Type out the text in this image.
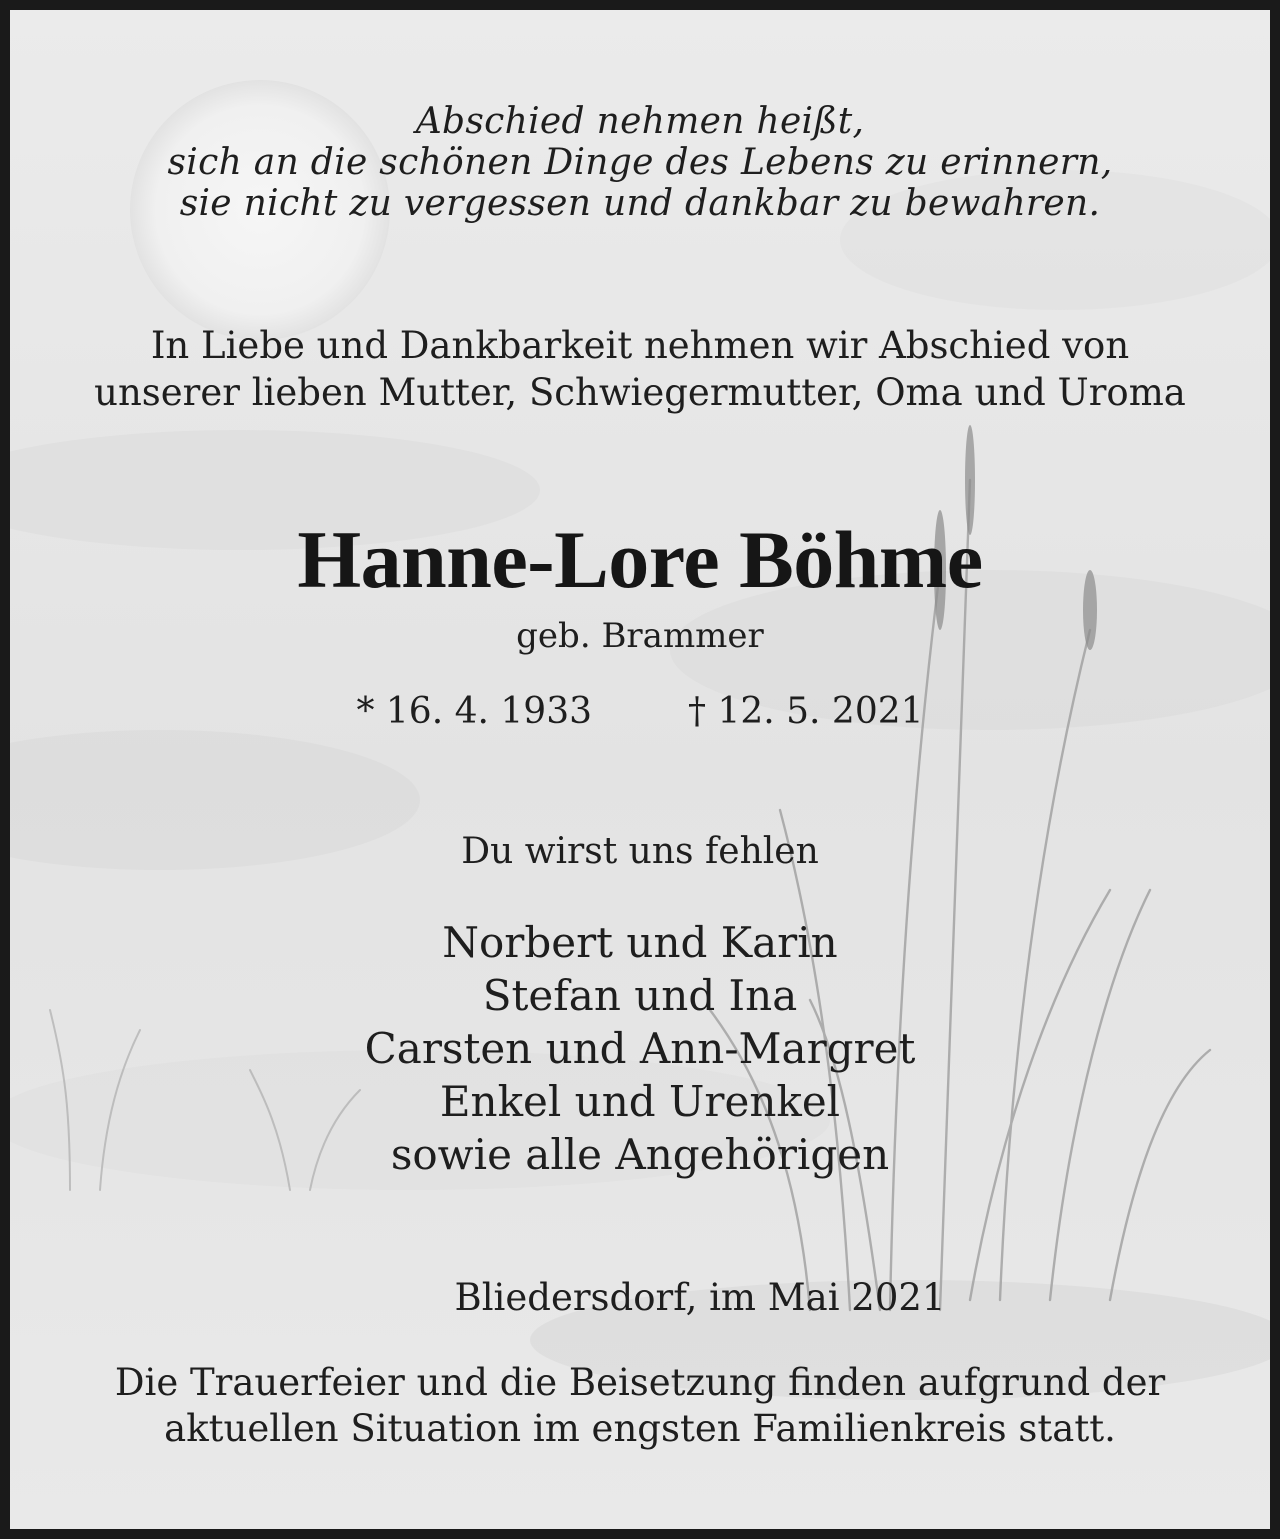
Abschied nehmen heißt,
sich an die schönen Dinge des Lebens zu erinnern,
sie nicht zu vergessen und dankbar zu bewahren.
In Liebe und Dankbarkeit nehmen wir Abschied von
unserer lieben Mutter, Schwiegermutter, Oma und Uroma
Hanne-Lore Böhme
geb. Brammer
* 16. 4. 1933	† 12. 5. 2021
Du wirst uns fehlen
Norbert und Karin
Stefan und Ina
Carsten und Ann-Margret
Enkel und Urenkel
sowie alle Angehörigen
Bliedersdorf, im Mai 2021
Die Trauerfeier und die Beisetzung finden aufgrund der
aktuellen Situation im engsten Familienkreis statt.
